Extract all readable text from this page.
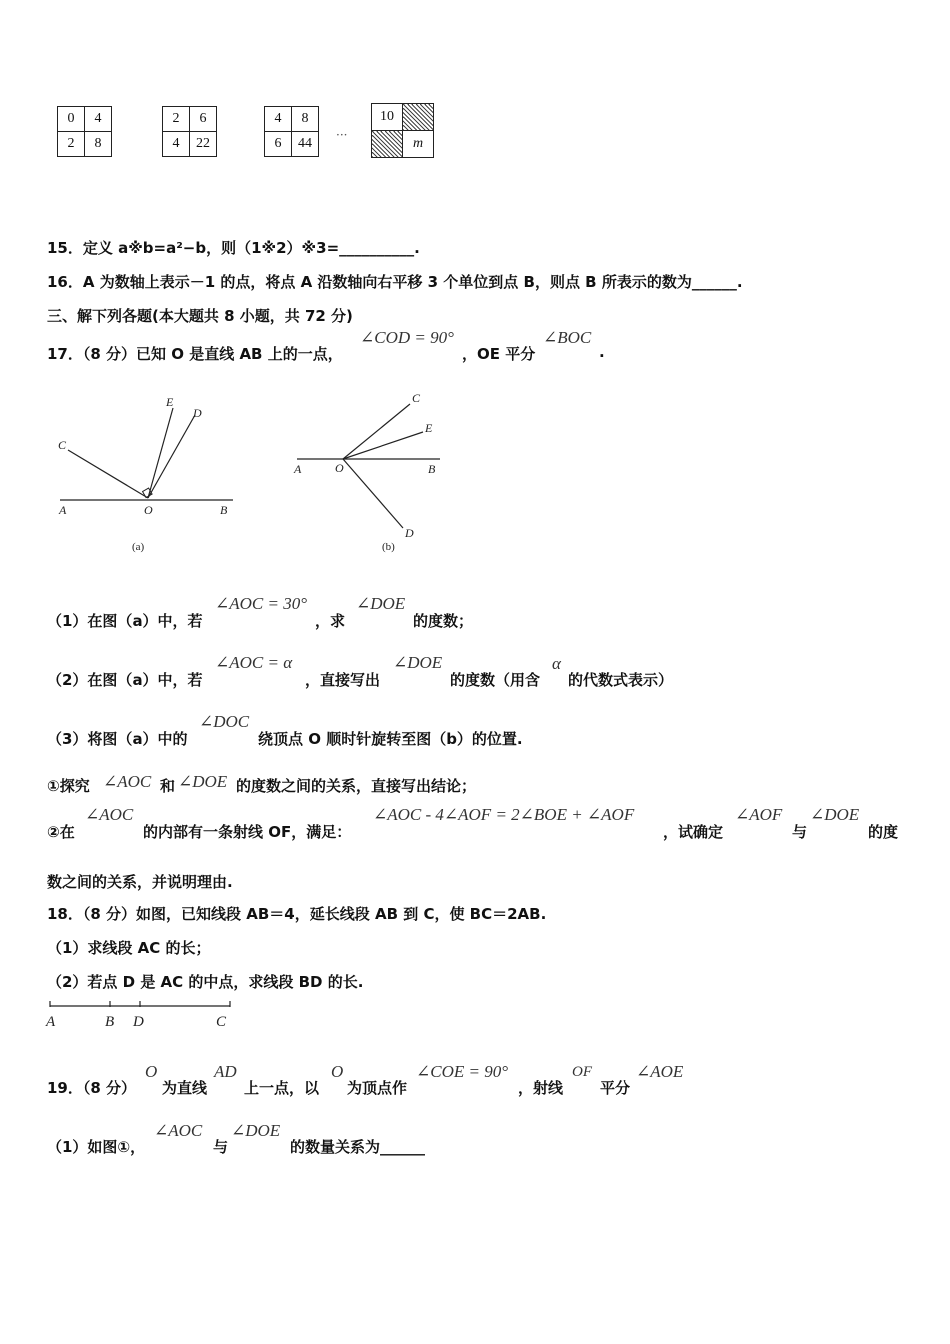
0	4
2	8
2	6
4	22
4	8
6	44
···
10	
	m
15．定义 a※b=a²−b，则（1※2）※3=__________.
16．A 为数轴上表示－1 的点，将点 A 沿数轴向右平移 3 个单位到点 B，则点 B 所表示的数为______.
三、解下列各题(本大题共 8 小题，共 72 分)
17．（8 分）已知 O 是直线 AB 上的一点，
∠COD = 90°
，OE 平分
∠BOC
.
C
E
D
A	O	B
(a)
C
E
A	O	B
D
(b)
（1）在图（a）中，若
∠AOC = 30°
，求
∠DOE
的度数；
（2）在图（a）中，若
∠AOC = α
，直接写出
∠DOE
的度数（用含
α
的代数式表示）
（3）将图（a）中的
∠DOC
绕顶点 O 顺时针旋转至图（b）的位置.
①探究 ∠AOC 和 ∠DOE 的度数之间的关系，直接写出结论；
②在
∠AOC
的内部有一条射线 OF，满足：
∠AOC - 4∠AOF = 2∠BOE + ∠AOF
，试确定
∠AOF
与
∠DOE
的度
数之间的关系，并说明理由.
18．（8 分）如图，已知线段 AB＝4，延长线段 AB 到 C，使 BC＝2AB.
（1）求线段 AC 的长；
（2）若点 D 是 AC 的中点，求线段 BD 的长.
A	B D	C
19．（8 分）
O
为直线
AD
上一点，以
O
为顶点作
∠COE = 90°
，射线
OF
平分
∠AOE
（1）如图①，
∠AOC
与
∠DOE
的数量关系为______
